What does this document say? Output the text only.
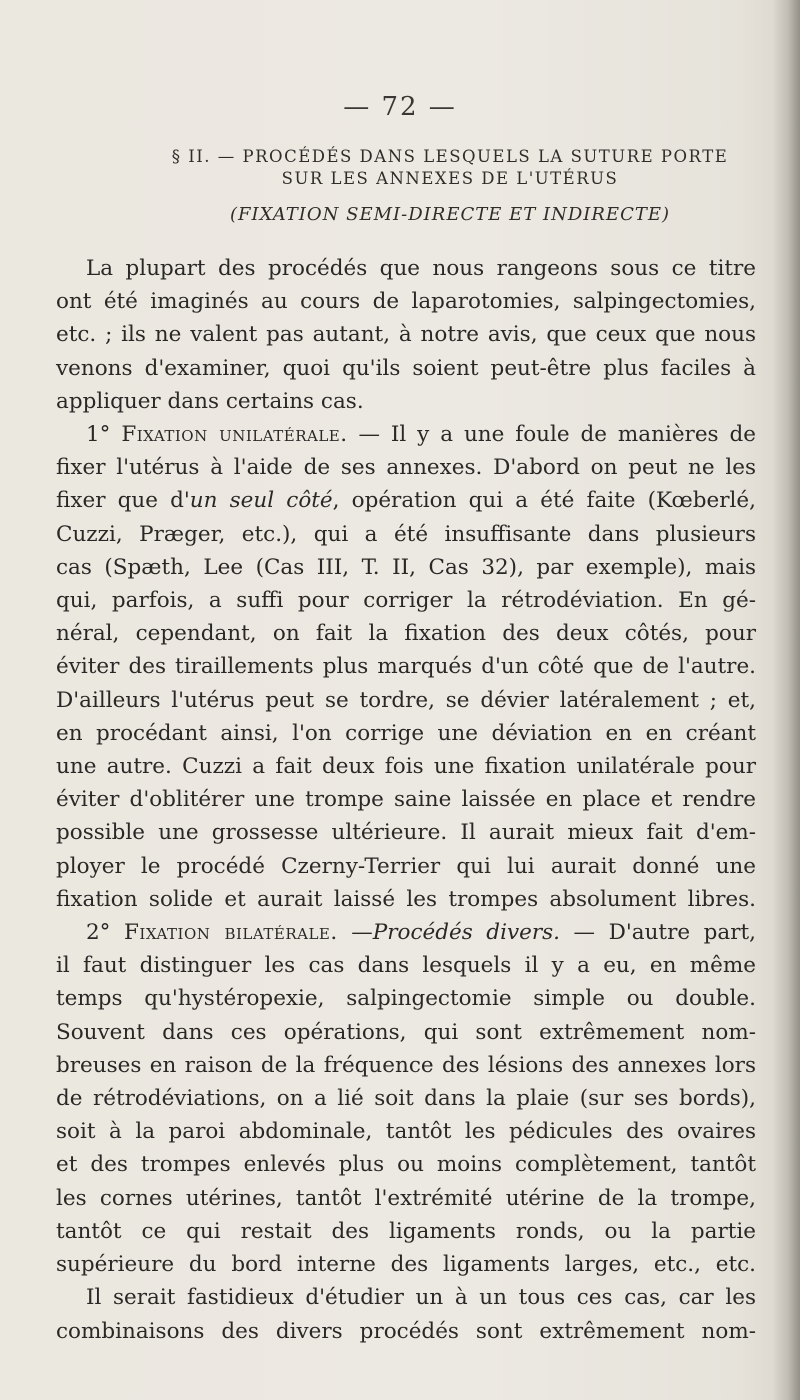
— 72 —
§ II. — PROCÉDÉS DANS LESQUELS LA SUTURE PORTE
SUR LES ANNEXES DE L'UTÉRUS
(FIXATION SEMI-DIRECTE ET INDIRECTE)
La plupart des procédés que nous rangeons sous ce titre
ont été imaginés au cours de laparotomies, salpingectomies,
etc. ; ils ne valent pas autant, à notre avis, que ceux que nous
venons d'examiner, quoi qu'ils soient peut-être plus faciles à
appliquer dans certains cas.
1° Fixation unilatérale. — Il y a une foule de manières de
fixer l'utérus à l'aide de ses annexes. D'abord on peut ne les
fixer que d'un seul côté, opération qui a été faite (Kœberlé,
Cuzzi, Præger, etc.), qui a été insuffisante dans plusieurs
cas (Spæth, Lee (Cas III, T. II, Cas 32), par exemple), mais
qui, parfois, a suffi pour corriger la rétrodéviation. En gé-
néral, cependant, on fait la fixation des deux côtés, pour
éviter des tiraillements plus marqués d'un côté que de l'autre.
D'ailleurs l'utérus peut se tordre, se dévier latéralement ; et,
en procédant ainsi, l'on corrige une déviation en en créant
une autre. Cuzzi a fait deux fois une fixation unilatérale pour
éviter d'oblitérer une trompe saine laissée en place et rendre
possible une grossesse ultérieure. Il aurait mieux fait d'em-
ployer le procédé Czerny-Terrier qui lui aurait donné une
fixation solide et aurait laissé les trompes absolument libres.
2° Fixation bilatérale. —Procédés divers. — D'autre part,
il faut distinguer les cas dans lesquels il y a eu, en même
temps qu'hystéropexie, salpingectomie simple ou double.
Souvent dans ces opérations, qui sont extrêmement nom-
breuses en raison de la fréquence des lésions des annexes lors
de rétrodéviations, on a lié soit dans la plaie (sur ses bords),
soit à la paroi abdominale, tantôt les pédicules des ovaires
et des trompes enlevés plus ou moins complètement, tantôt
les cornes utérines, tantôt l'extrémité utérine de la trompe,
tantôt ce qui restait des ligaments ronds, ou la partie
supérieure du bord interne des ligaments larges, etc., etc.
Il serait fastidieux d'étudier un à un tous ces cas, car les
combinaisons des divers procédés sont extrêmement nom-
